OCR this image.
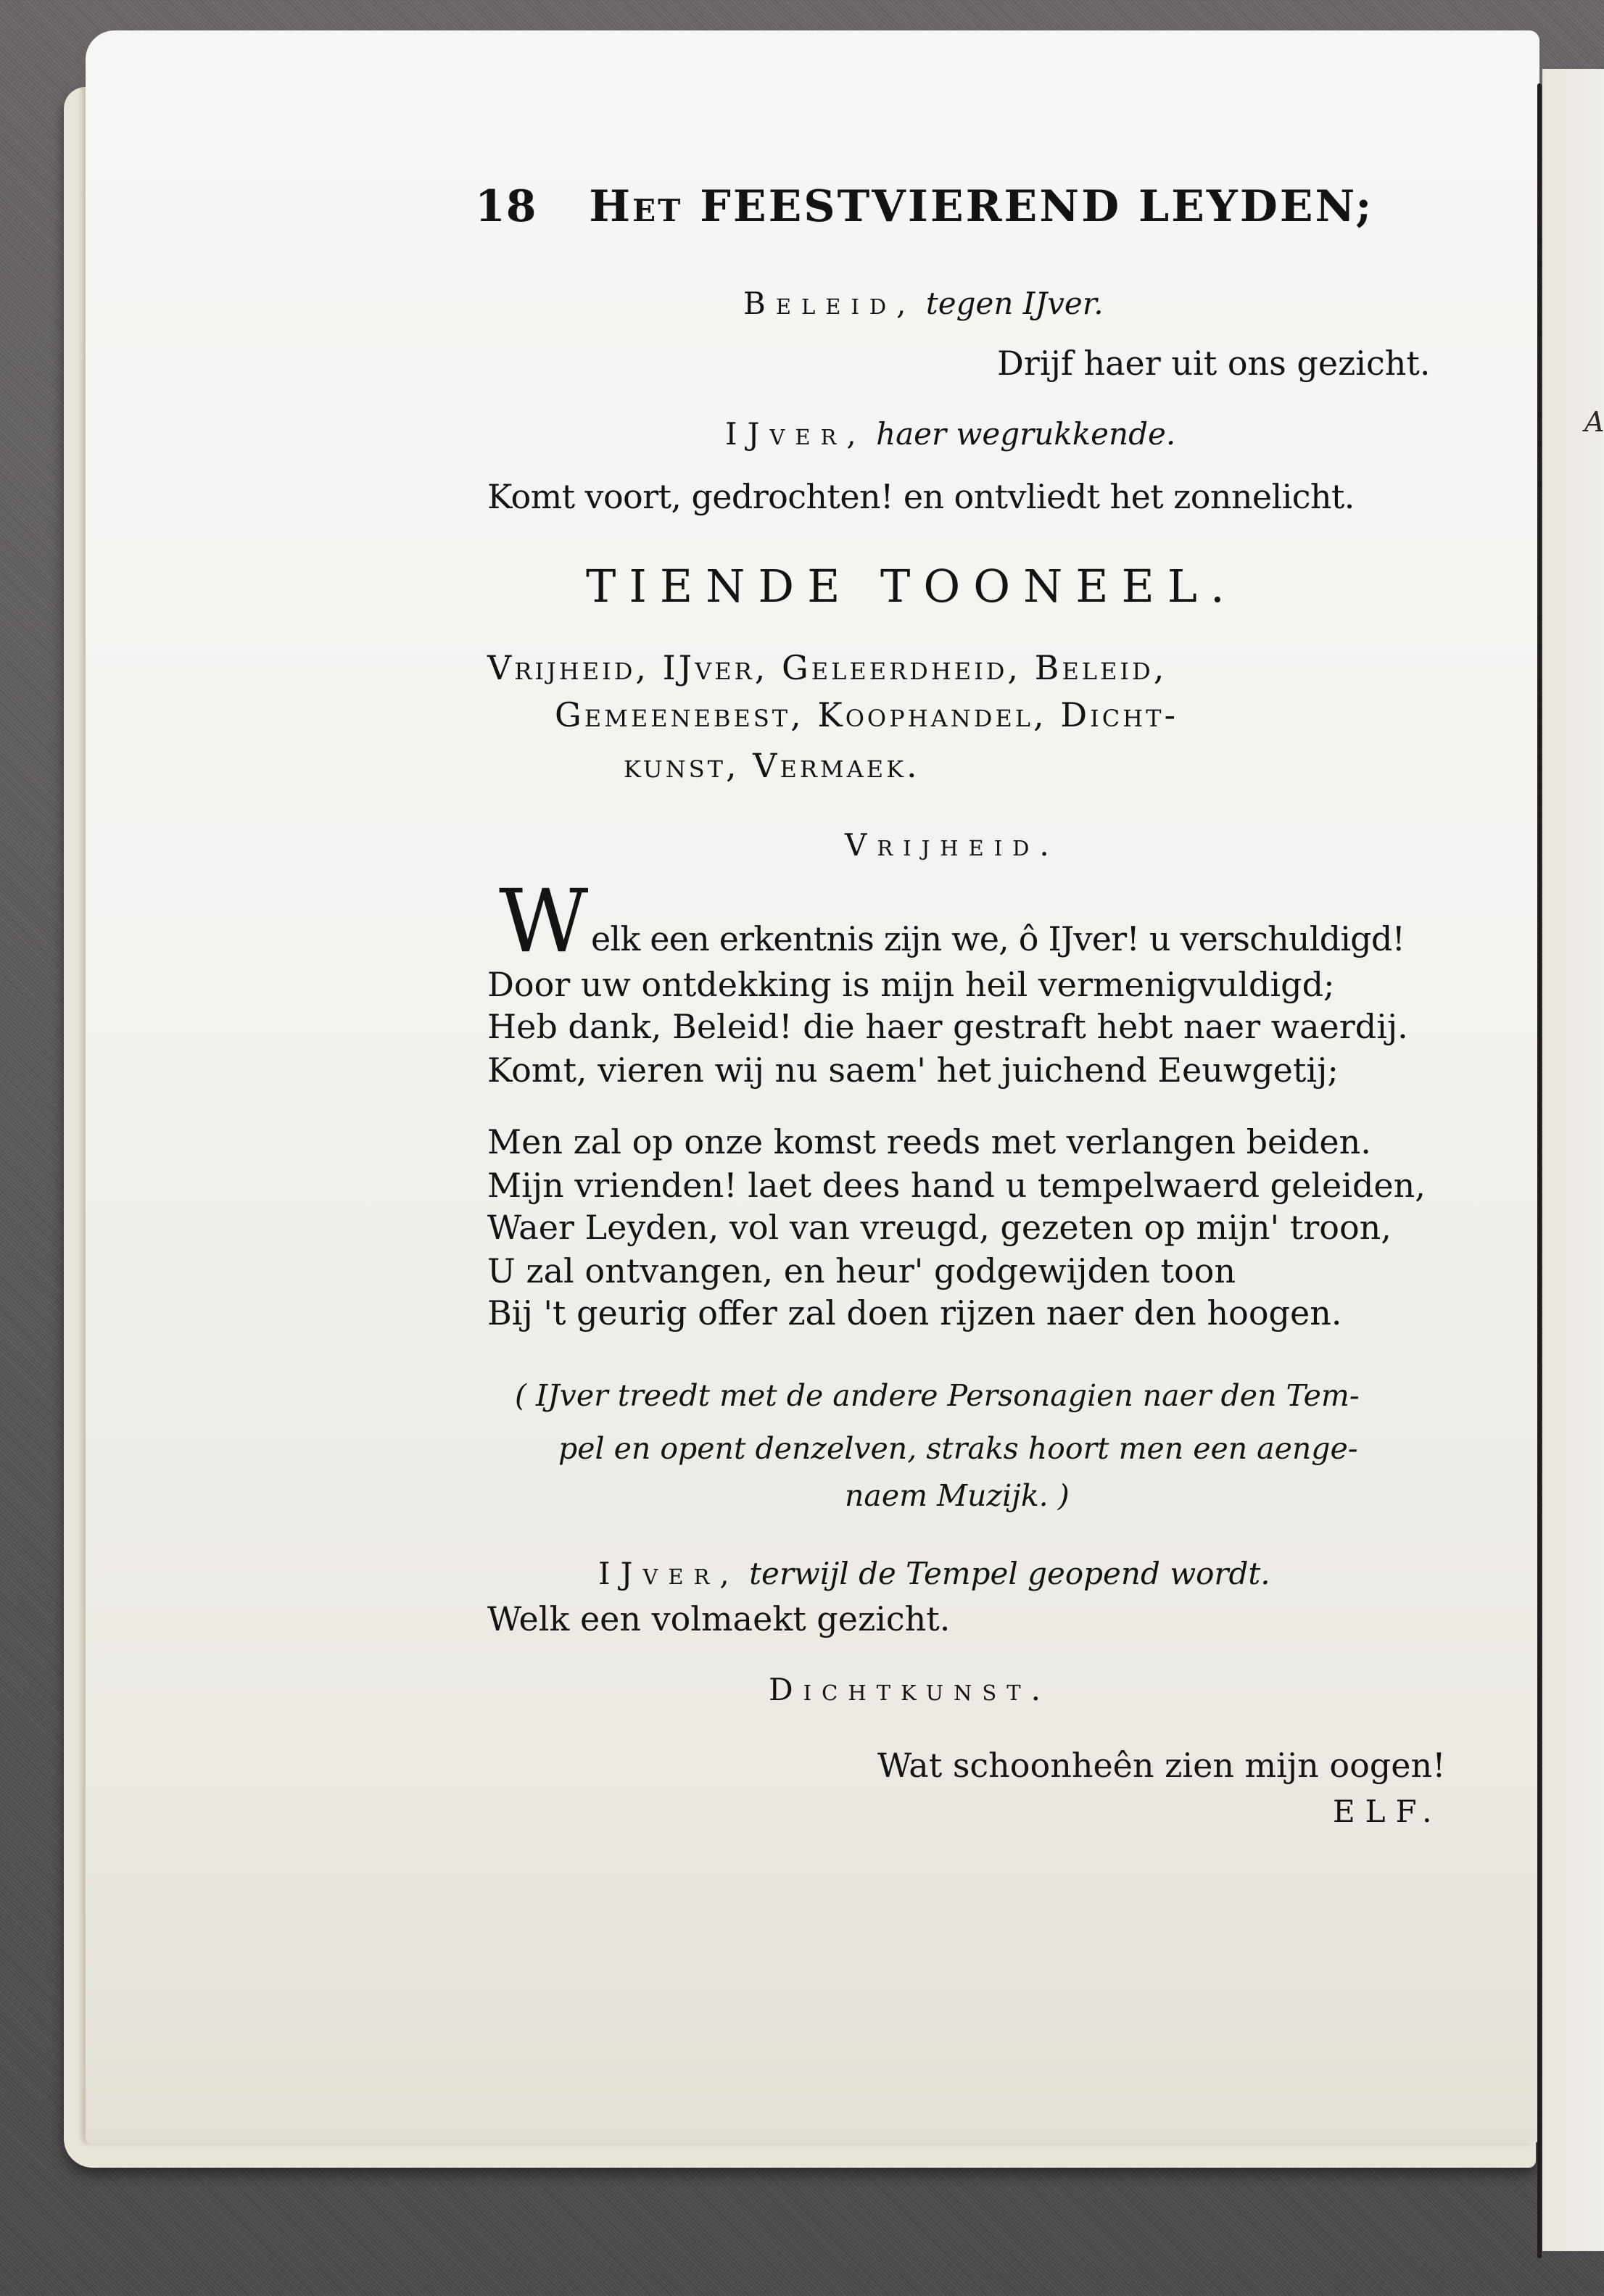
A
18 Het FEESTVIEREND LEYDEN;
Beleid, tegen IJver.
Drijf haer uit ons gezicht.
IJver, haer wegrukkende.
Komt voort, gedrochten! en ontvliedt het zonnelicht.
TIENDE TOONEEL.
Vrijheid, IJver, Geleerdheid, Beleid,
Gemeenebest, Koophandel, Dicht-
kunst, Vermaek.
Vrijheid.
W elk een erkentnis zijn we, ô IJver! u verschuldigd!
Door uw ontdekking is mijn heil vermenigvuldigd;
Heb dank, Beleid! die haer gestraft hebt naer waerdij.
Komt, vieren wij nu saem' het juichend Eeuwgetij;
Men zal op onze komst reeds met verlangen beiden.
Mijn vrienden! laet dees hand u tempelwaerd geleiden,
Waer Leyden, vol van vreugd, gezeten op mijn' troon,
U zal ontvangen, en heur' godgewijden toon
Bij 't geurig offer zal doen rijzen naer den hoogen.
( IJver treedt met de andere Personagien naer den Tem-
pel en opent denzelven, straks hoort men een aenge-
naem Muzijk. )
IJver, terwijl de Tempel geopend wordt.
Welk een volmaekt gezicht.
Dichtkunst.
Wat schoonheên zien mijn oogen!
ELF.
